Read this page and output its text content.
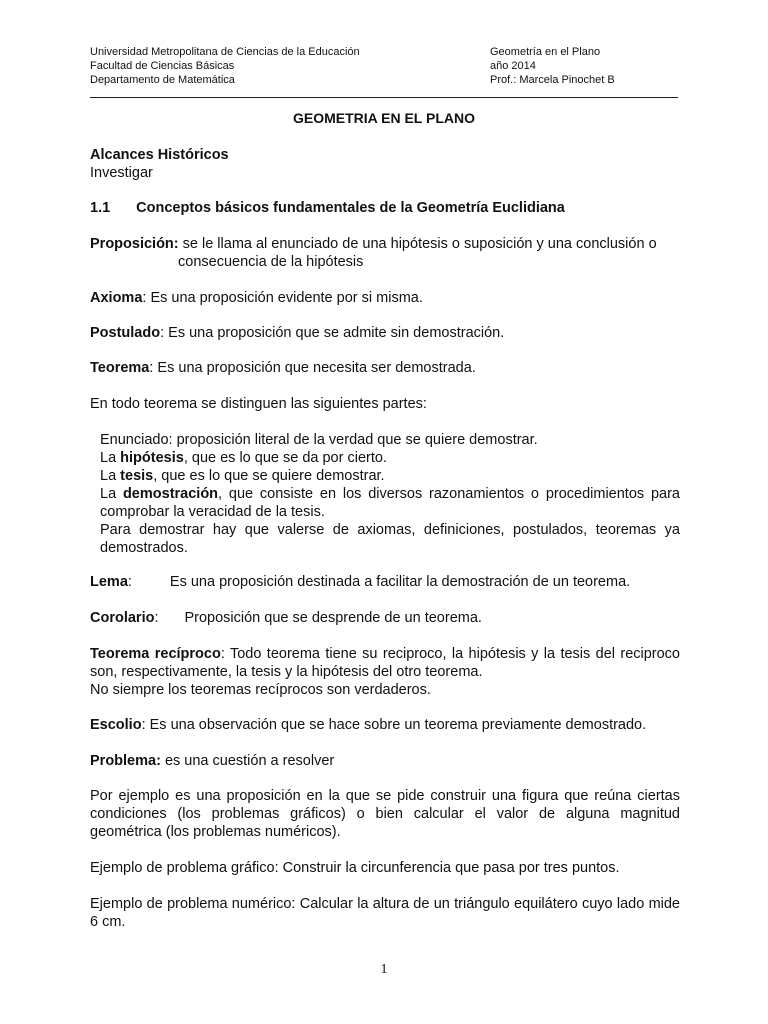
Universidad Metropolitana de Ciencias de la Educación
Facultad de Ciencias Básicas
Departamento de Matemática
Geometría en el Plano
año 2014
Prof.: Marcela Pinochet B
GEOMETRIA EN EL PLANO
Alcances Históricos
Investigar
1.1 Conceptos básicos fundamentales de la Geometría Euclidiana
Proposición: se le llama al enunciado de una hipótesis o suposición y una conclusión o
consecuencia de la hipótesis
Axioma: Es una proposición evidente por si misma.
Postulado: Es una proposición que se admite sin demostración.
Teorema: Es una proposición que necesita ser demostrada.
En todo teorema se distinguen las siguientes partes:
Enunciado: proposición literal de la verdad que se quiere demostrar.
La hipótesis, que es lo que se da por cierto.
La tesis, que es lo que se quiere demostrar.
La demostración, que consiste en los diversos razonamientos o procedimientos para comprobar la veracidad de la tesis.
Para demostrar hay que valerse de axiomas, definiciones, postulados, teoremas ya demostrados.
Lema:	Es una proposición destinada a facilitar la demostración de un teorema.
Corolario: Proposición que se desprende de un teorema.
Teorema recíproco: Todo teorema tiene su reciproco, la hipótesis y la tesis del reciproco son, respectivamente, la tesis y la hipótesis del otro teorema.
No siempre los teoremas recíprocos son verdaderos.
Escolio: Es una observación que se hace sobre un teorema previamente demostrado.
Problema: es una cuestión a resolver
Por ejemplo es una proposición en la que se pide construir una figura que reúna ciertas condiciones (los problemas gráficos) o bien calcular el valor de alguna magnitud geométrica (los problemas numéricos).
Ejemplo de problema gráfico: Construir la circunferencia que pasa por tres puntos.
Ejemplo de problema numérico: Calcular la altura de un triángulo equilátero cuyo lado mide 6 cm.
1
